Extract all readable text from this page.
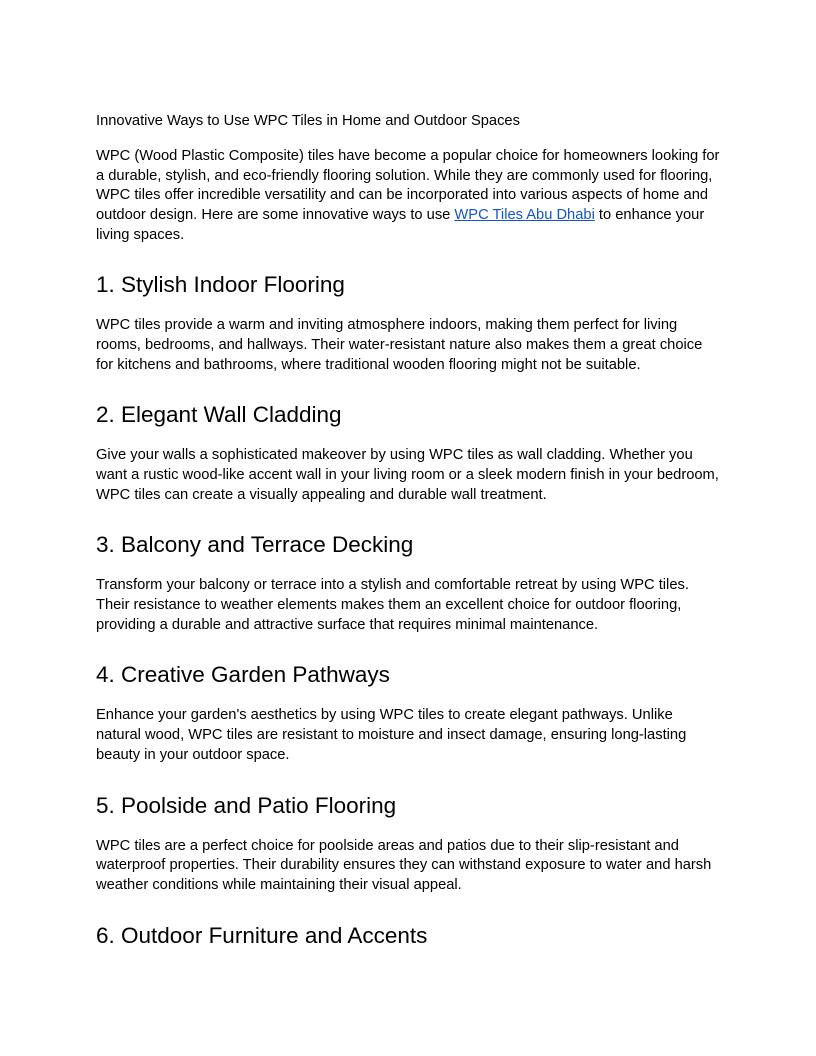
Innovative Ways to Use WPC Tiles in Home and Outdoor Spaces

WPC (Wood Plastic Composite) tiles have become a popular choice for homeowners looking for a durable, stylish, and eco-friendly flooring solution. While they are commonly used for flooring, WPC tiles offer incredible versatility and can be incorporated into various aspects of home and outdoor design. Here are some innovative ways to use WPC Tiles Abu Dhabi to enhance your living spaces.

1. Stylish Indoor Flooring

WPC tiles provide a warm and inviting atmosphere indoors, making them perfect for living rooms, bedrooms, and hallways. Their water-resistant nature also makes them a great choice for kitchens and bathrooms, where traditional wooden flooring might not be suitable.

2. Elegant Wall Cladding

Give your walls a sophisticated makeover by using WPC tiles as wall cladding. Whether you want a rustic wood-like accent wall in your living room or a sleek modern finish in your bedroom, WPC tiles can create a visually appealing and durable wall treatment.

3. Balcony and Terrace Decking

Transform your balcony or terrace into a stylish and comfortable retreat by using WPC tiles. Their resistance to weather elements makes them an excellent choice for outdoor flooring, providing a durable and attractive surface that requires minimal maintenance.

4. Creative Garden Pathways

Enhance your garden's aesthetics by using WPC tiles to create elegant pathways. Unlike natural wood, WPC tiles are resistant to moisture and insect damage, ensuring long-lasting beauty in your outdoor space.

5. Poolside and Patio Flooring

WPC tiles are a perfect choice for poolside areas and patios due to their slip-resistant and waterproof properties. Their durability ensures they can withstand exposure to water and harsh weather conditions while maintaining their visual appeal.

6. Outdoor Furniture and Accents
